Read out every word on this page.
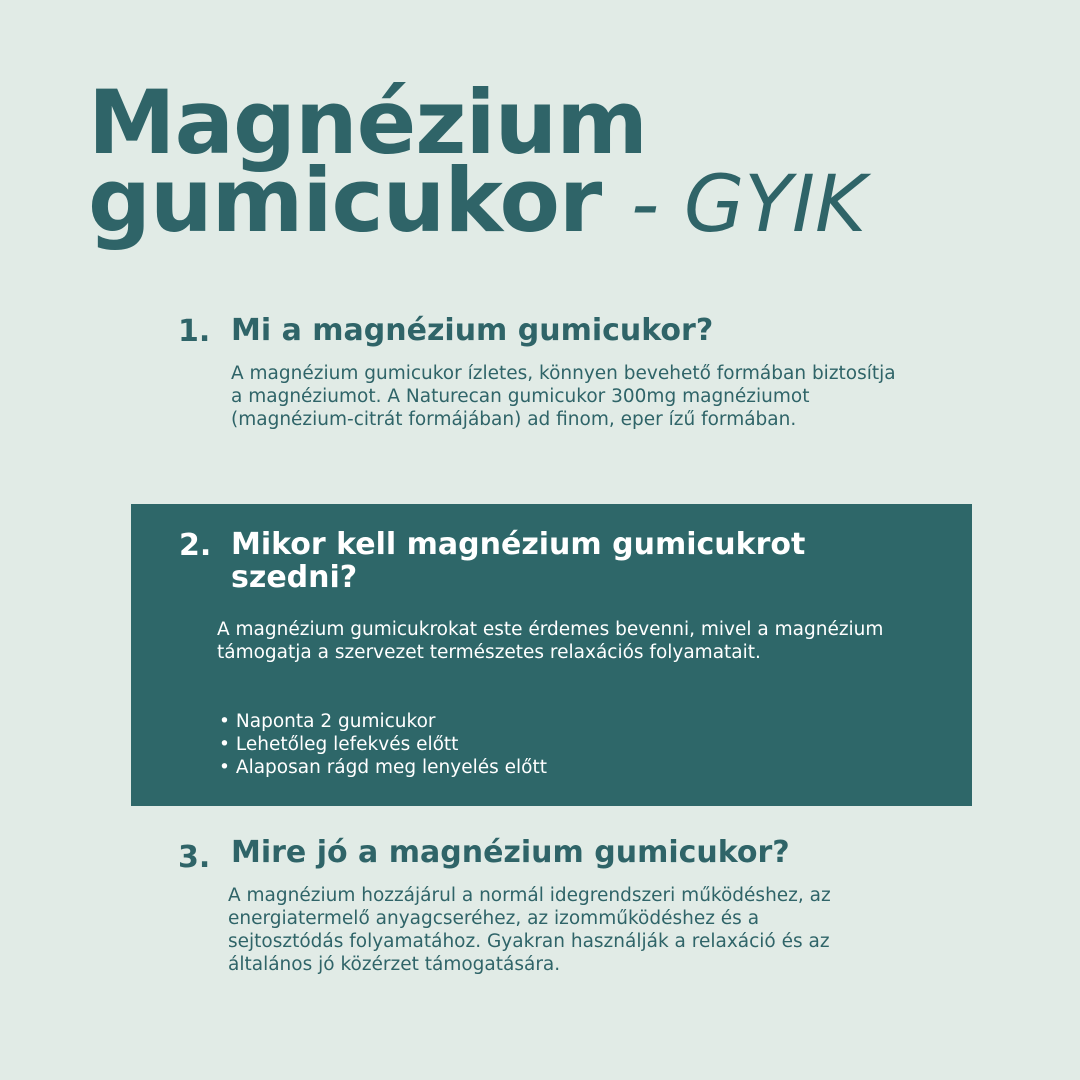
Magnézium
gumicukor - GYIK
1. Mi a magnézium gumicukor?

A magnézium gumicukor ízletes, könnyen bevehető formában biztosítja a magnéziumot. A Naturecan gumicukor 300mg magnéziumot (magnézium-citrát formájában) ad finom, eper ízű formában.

2. Mikor kell magnézium gumicukrot szedni?

A magnézium gumicukrokat este érdemes bevenni, mivel a magnézium támogatja a szervezet természetes relaxációs folyamatait.

• Naponta 2 gumicukor
• Lehetőleg lefekvés előtt
• Alaposan rágd meg lenyelés előtt
3. Mire jó a magnézium gumicukor?

A magnézium hozzájárul a normál idegrendszeri működéshez, az energiatermelő anyagcseréhez, az izomműködéshez és a sejtosztódás folyamatához. Gyakran használják a relaxáció és az általános jó közérzet támogatására.
